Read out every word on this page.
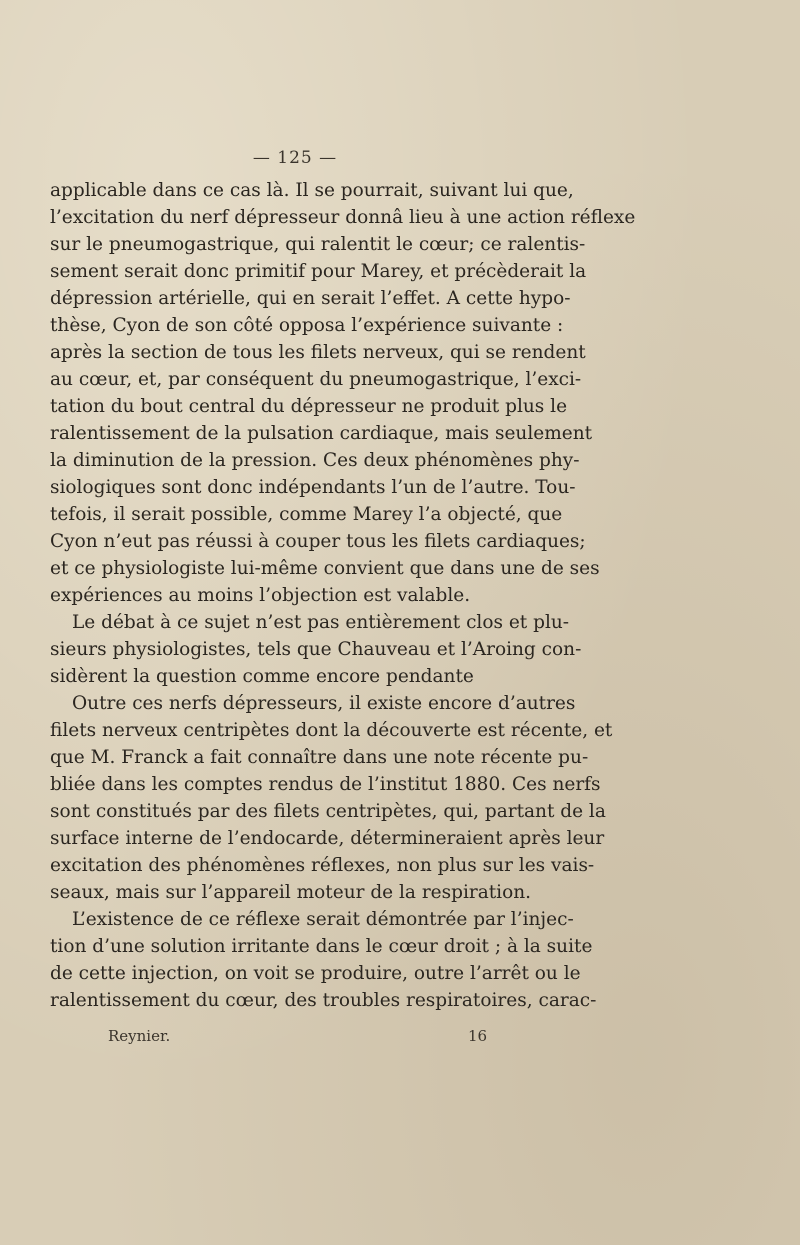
— 125 —
applicable dans ce cas là. Il se pourrait, suivant lui que,
l’excitation du nerf dépresseur donnâ lieu à une action réflexe
sur le pneumogastrique, qui ralentit le cœur; ce ralentis-
sement serait donc primitif pour Marey, et précèderait la
dépression artérielle, qui en serait l’effet. A cette hypo-
thèse, Cyon de son côté opposa l’expérience suivante :
après la section de tous les filets nerveux, qui se rendent
au cœur, et, par conséquent du pneumogastrique, l’exci-
tation du bout central du dépresseur ne produit plus le
ralentissement de la pulsation cardiaque, mais seulement
la diminution de la pression. Ces deux phénomènes phy-
siologiques sont donc indépendants l’un de l’autre. Tou-
tefois, il serait possible, comme Marey l’a objecté, que
Cyon n’eut pas réussi à couper tous les filets cardiaques;
et ce physiologiste lui-même convient que dans une de ses
expériences au moins l’objection est valable.
Le débat à ce sujet n’est pas entièrement clos et plu-
sieurs physiologistes, tels que Chauveau et l’Aroing con-
sidèrent la question comme encore pendante
Outre ces nerfs dépresseurs, il existe encore d’autres
filets nerveux centripètes dont la découverte est récente, et
que M. Franck a fait connaître dans une note récente pu-
bliée dans les comptes rendus de l’institut 1880. Ces nerfs
sont constitués par des filets centripètes, qui, partant de la
surface interne de l’endocarde, détermineraient après leur
excitation des phénomènes réflexes, non plus sur les vais-
seaux, mais sur l’appareil moteur de la respiration.
L’existence de ce réflexe serait démontrée par l’injec-
tion d’une solution irritante dans le cœur droit ; à la suite
de cette injection, on voit se produire, outre l’arrêt ou le
ralentissement du cœur, des troubles respiratoires, carac-
Reynier.	16
